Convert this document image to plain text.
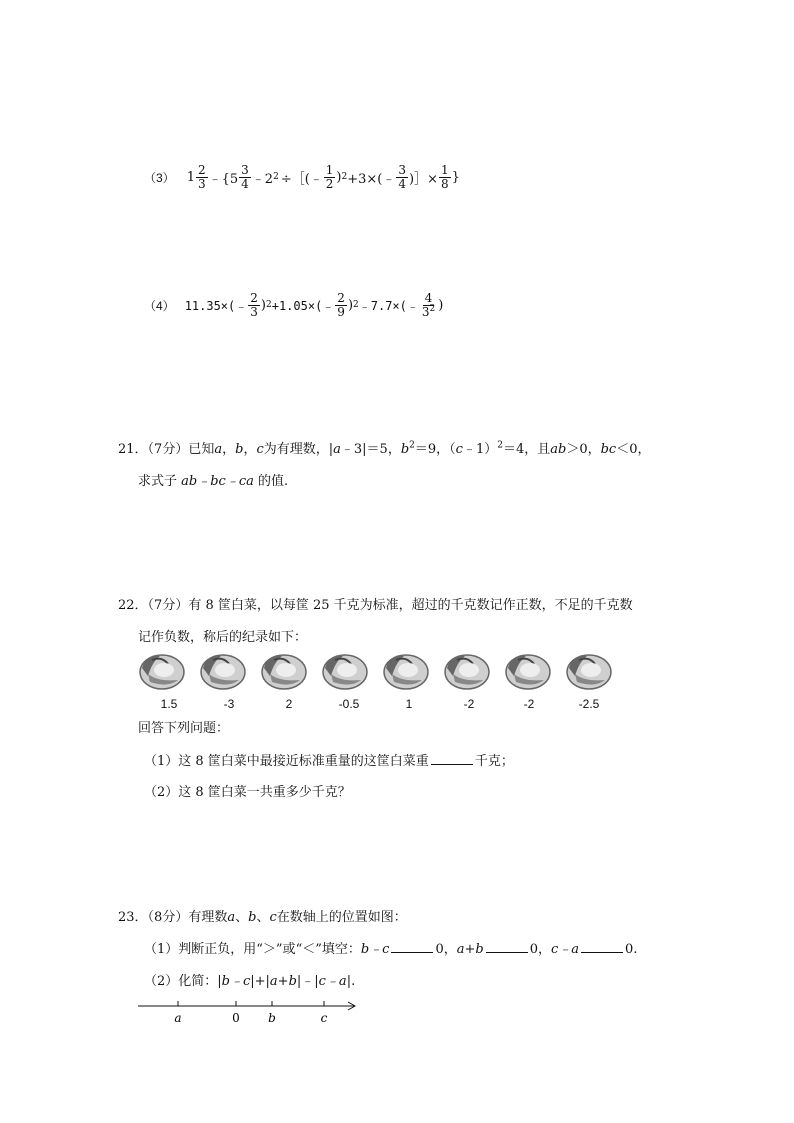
（3） $1 \frac{2}{3}$ ﹣{5 $\frac{3}{4}$ ﹣2 2 ÷［(﹣ $\frac{1}{2}$ ) 2 +3×(﹣ $\frac{3}{4}$ )］× $\frac{1}{8}$ }
（4） 11.35×(﹣ $\frac{2}{3}$ ) 2 +1.05×(﹣ $\frac{2}{9}$ ) 2 ﹣7.7×(﹣ $\frac{4}{3^2}$ )
21．（7分）已知a，b，c为有理数，|a﹣3|＝5，$b^2=9$，（c﹣1）$^2$＝4，且ab＞0，bc＜0，
求式子 ab﹣bc﹣ca 的值.
22．（7分）有 8 筐白菜，以每筐 25 千克为标准，超过的千克数记作正数，不足的千克数
记作负数，称后的纪录如下：
1.5	-3	2	-0.5	1	-2	-2	-2.5
回答下列问题：
（1）这 8 筐白菜中最接近标准重量的这筐白菜重	千克；
（2）这 8 筐白菜一共重多少千克？
23．（8分）有理数a、b、c在数轴上的位置如图：
（1）判断正负，用“＞”或“＜”填空：b﹣c	0，a+b	0，c﹣a	0.
（2）化简：|b﹣c|+|a+b|﹣|c﹣a|.
a	0 b	c
